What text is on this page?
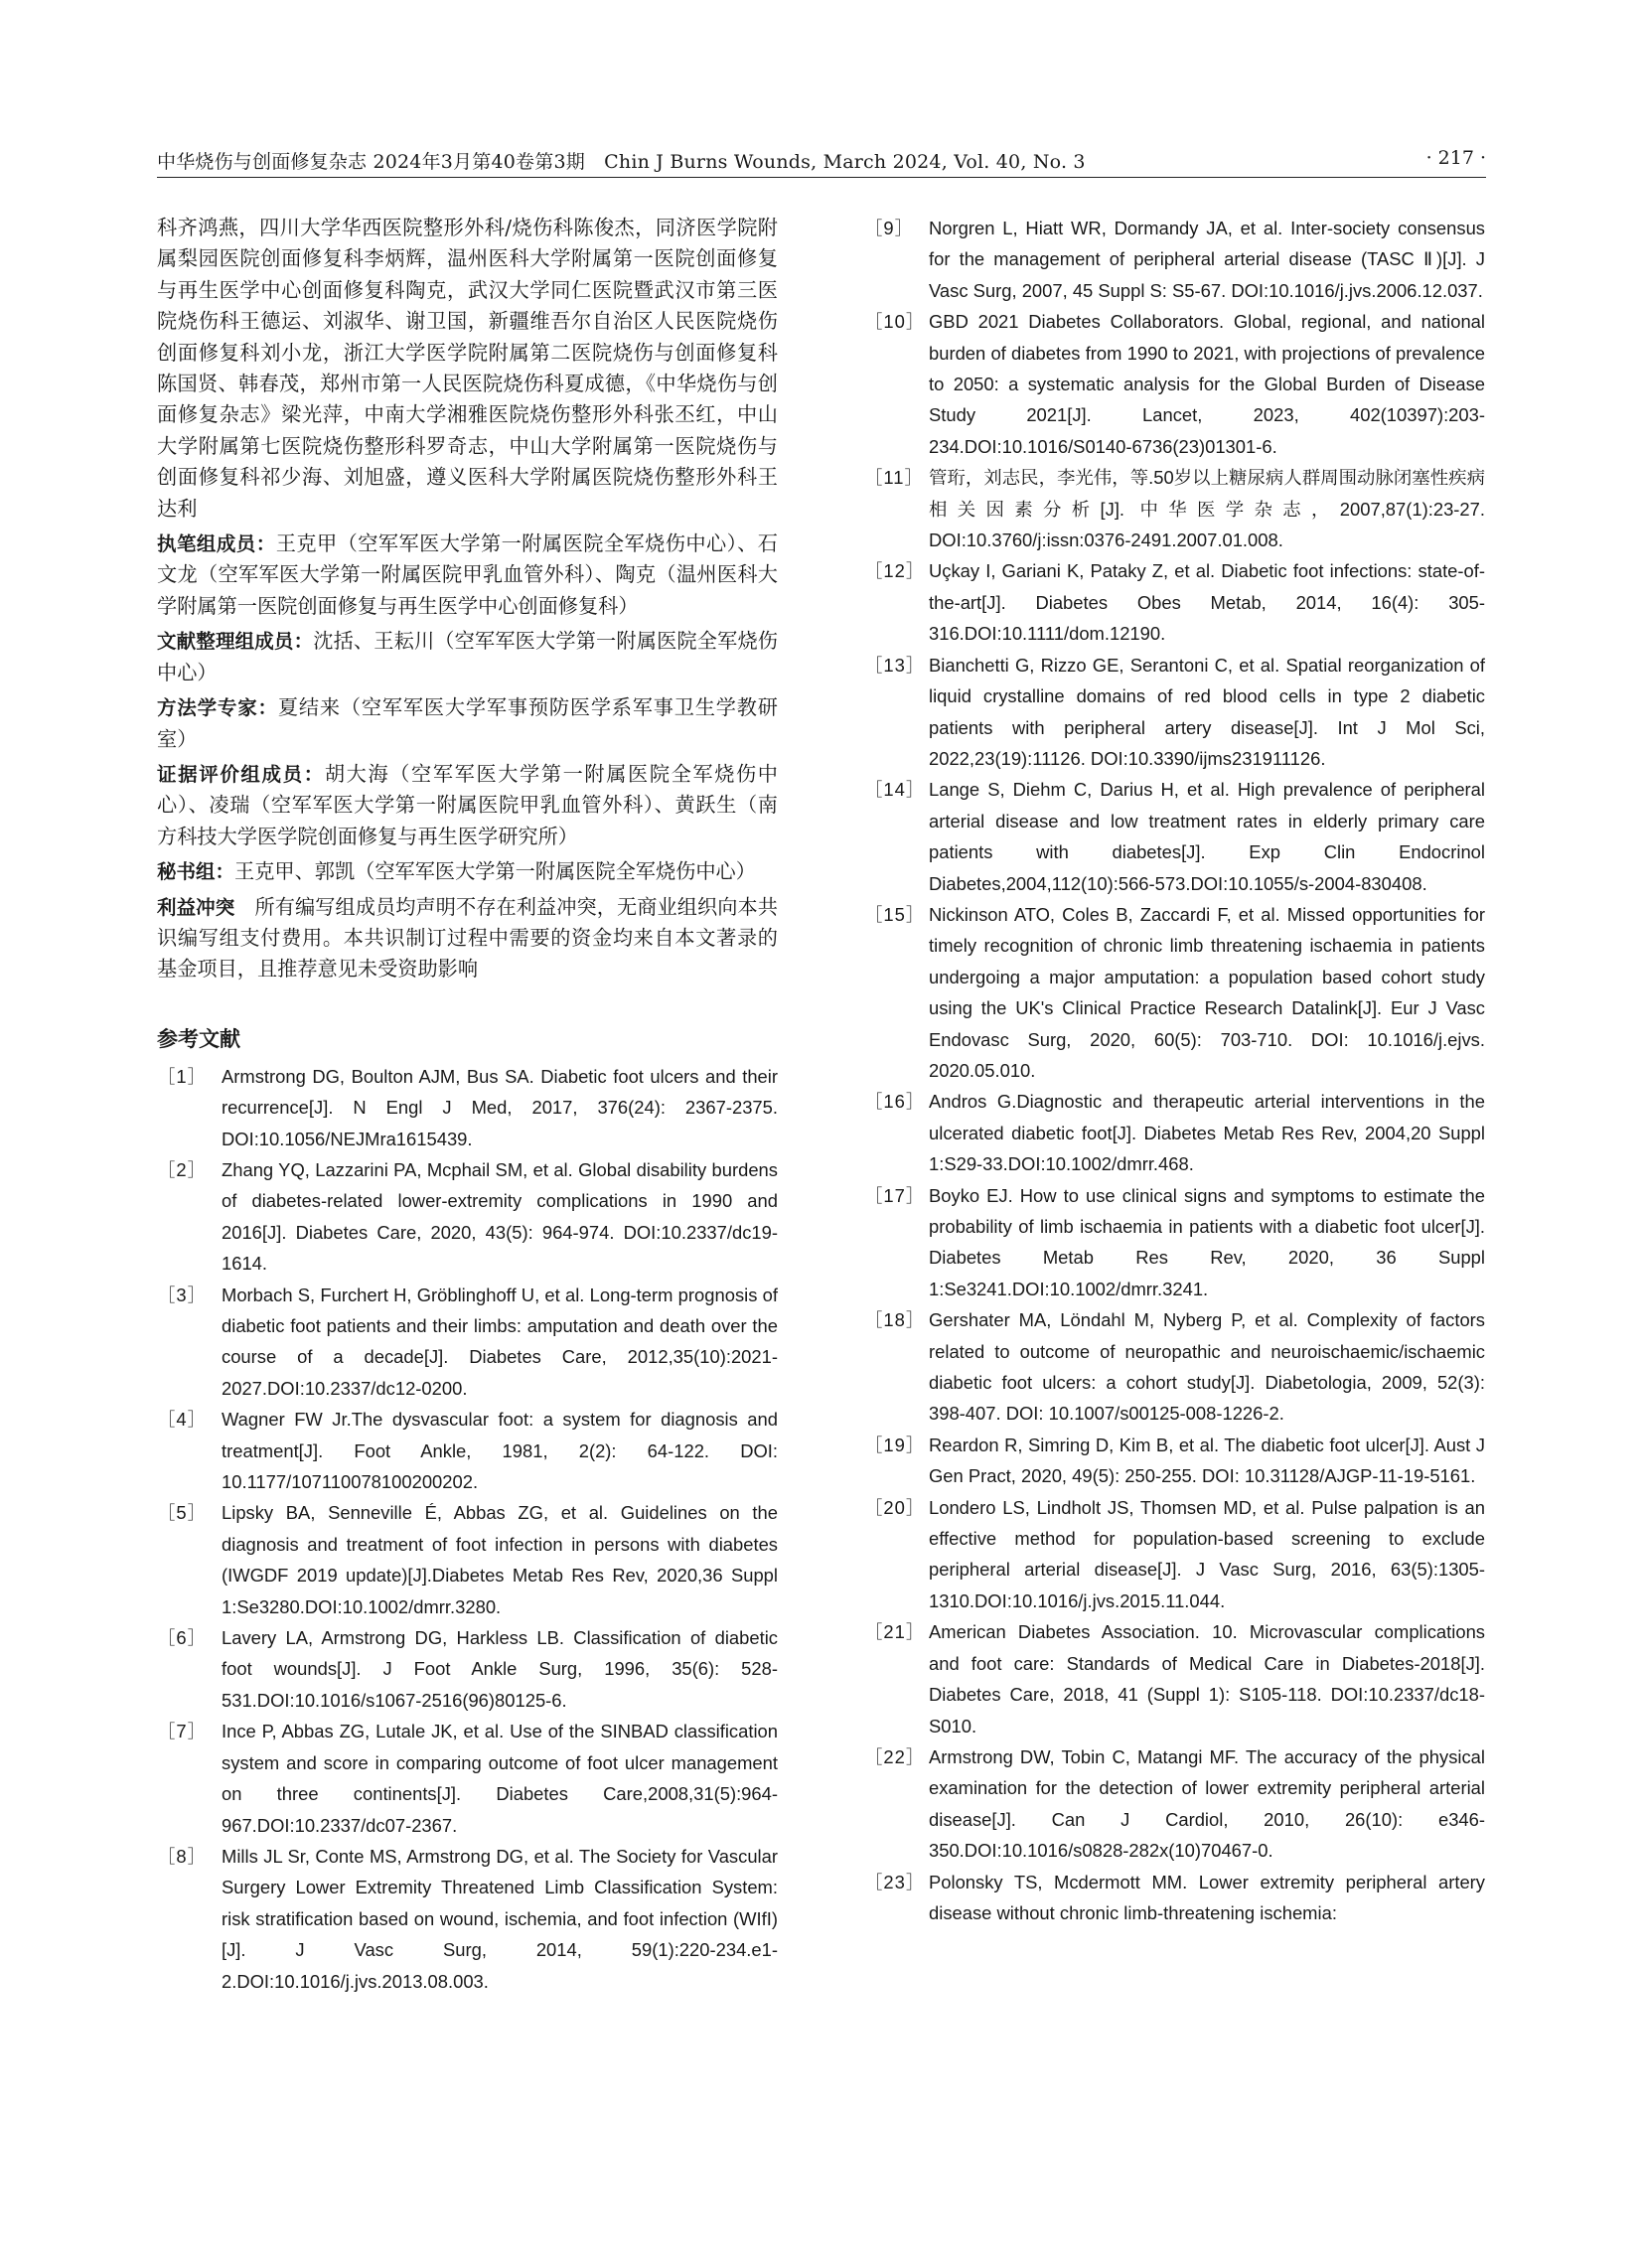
中华烧伤与创面修复杂志 2024年3月第40卷第3期　Chin J Burns Wounds, March 2024, Vol. 40, No. 3	· 217 ·

科齐鸿燕，四川大学华西医院整形外科/烧伤科陈俊杰，同济医学院附属梨园医院创面修复科李炳辉，温州医科大学附属第一医院创面修复与再生医学中心创面修复科陶克，武汉大学同仁医院暨武汉市第三医院烧伤科王德运、刘淑华、谢卫国，新疆维吾尔自治区人民医院烧伤创面修复科刘小龙，浙江大学医学院附属第二医院烧伤与创面修复科陈国贤、韩春茂，郑州市第一人民医院烧伤科夏成德，《中华烧伤与创面修复杂志》梁光萍，中南大学湘雅医院烧伤整形外科张丕红，中山大学附属第七医院烧伤整形科罗奇志，中山大学附属第一医院烧伤与创面修复科祁少海、刘旭盛，遵义医科大学附属医院烧伤整形外科王达利

执笔组成员：王克甲（空军军医大学第一附属医院全军烧伤中心）、石文龙（空军军医大学第一附属医院甲乳血管外科）、陶克（温州医科大学附属第一医院创面修复与再生医学中心创面修复科）

文献整理组成员：沈括、王耘川（空军军医大学第一附属医院全军烧伤中心）

方法学专家：夏结来（空军军医大学军事预防医学系军事卫生学教研室）

证据评价组成员：胡大海（空军军医大学第一附属医院全军烧伤中心）、凌瑞（空军军医大学第一附属医院甲乳血管外科）、黄跃生（南方科技大学医学院创面修复与再生医学研究所）

秘书组：王克甲、郭凯（空军军医大学第一附属医院全军烧伤中心）

利益冲突　所有编写组成员均声明不存在利益冲突，无商业组织向本共识编写组支付费用。本共识制订过程中需要的资金均来自本文著录的基金项目，且推荐意见未受资助影响

参考文献
［1］ Armstrong DG, Boulton AJM, Bus SA. Diabetic foot ulcers and their recurrence[J]. N Engl J Med, 2017, 376(24): 2367-2375. DOI:10.1056/NEJMra1615439.
［2］ Zhang YQ, Lazzarini PA, Mcphail SM, et al. Global disability burdens of diabetes-related lower-extremity complications in 1990 and 2016[J]. Diabetes Care, 2020, 43(5): 964-974. DOI:10.2337/dc19-1614.
［3］ Morbach S, Furchert H, Gröblinghoff U, et al. Long-term prognosis of diabetic foot patients and their limbs: amputation and death over the course of a decade[J]. Diabetes Care, 2012,35(10):2021-2027.DOI:10.2337/dc12-0200.
［4］ Wagner FW Jr.The dysvascular foot: a system for diagnosis and treatment[J]. Foot Ankle, 1981, 2(2): 64-122. DOI: 10.1177/107110078100200202.
［5］ Lipsky BA, Senneville É, Abbas ZG, et al. Guidelines on the diagnosis and treatment of foot infection in persons with diabetes (IWGDF 2019 update)[J].Diabetes Metab Res Rev, 2020,36 Suppl 1:Se3280.DOI:10.1002/dmrr.3280.
［6］ Lavery LA, Armstrong DG, Harkless LB. Classification of diabetic foot wounds[J]. J Foot Ankle Surg, 1996, 35(6): 528-531.DOI:10.1016/s1067-2516(96)80125-6.
［7］ Ince P, Abbas ZG, Lutale JK, et al. Use of the SINBAD classification system and score in comparing outcome of foot ulcer management on three continents[J]. Diabetes Care,2008,31(5):964-967.DOI:10.2337/dc07-2367.
［8］ Mills JL Sr, Conte MS, Armstrong DG, et al. The Society for Vascular Surgery Lower Extremity Threatened Limb Classification System: risk stratification based on wound, ischemia, and foot infection (WIfI) [J]. J Vasc Surg, 2014, 59(1):220-234.e1-2.DOI:10.1016/j.jvs.2013.08.003.
［9］ Norgren L, Hiatt WR, Dormandy JA, et al. Inter-society consensus for the management of peripheral arterial disease (TASC Ⅱ)[J]. J Vasc Surg, 2007, 45 Suppl S: S5-67. DOI:10.1016/j.jvs.2006.12.037.
［10］ GBD 2021 Diabetes Collaborators. Global, regional, and national burden of diabetes from 1990 to 2021, with projections of prevalence to 2050: a systematic analysis for the Global Burden of Disease Study 2021[J]. Lancet, 2023, 402(10397):203-234.DOI:10.1016/S0140-6736(23)01301-6.
［11］ 管珩，刘志民，李光伟，等.50岁以上糖尿病人群周围动脉闭塞性疾病相关因素分析[J]. 中华医学杂志，2007,87(1):23-27. DOI:10.3760/j:issn:0376-2491.2007.01.008.
［12］ Uçkay I, Gariani K, Pataky Z, et al. Diabetic foot infections: state-of-the-art[J]. Diabetes Obes Metab, 2014, 16(4): 305-316.DOI:10.1111/dom.12190.
［13］ Bianchetti G, Rizzo GE, Serantoni C, et al. Spatial reorganization of liquid crystalline domains of red blood cells in type 2 diabetic patients with peripheral artery disease[J]. Int J Mol Sci, 2022,23(19):11126. DOI:10.3390/ijms231911126.
［14］ Lange S, Diehm C, Darius H, et al. High prevalence of peripheral arterial disease and low treatment rates in elderly primary care patients with diabetes[J]. Exp Clin Endocrinol Diabetes,2004,112(10):566-573.DOI:10.1055/s-2004-830408.
［15］ Nickinson ATO, Coles B, Zaccardi F, et al. Missed opportunities for timely recognition of chronic limb threatening ischaemia in patients undergoing a major amputation: a population based cohort study using the UK's Clinical Practice Research Datalink[J]. Eur J Vasc Endovasc Surg, 2020, 60(5): 703-710. DOI: 10.1016/j.ejvs. 2020.05.010.
［16］ Andros G.Diagnostic and therapeutic arterial interventions in the ulcerated diabetic foot[J]. Diabetes Metab Res Rev, 2004,20 Suppl 1:S29-33.DOI:10.1002/dmrr.468.
［17］ Boyko EJ. How to use clinical signs and symptoms to estimate the probability of limb ischaemia in patients with a diabetic foot ulcer[J]. Diabetes Metab Res Rev, 2020, 36 Suppl 1:Se3241.DOI:10.1002/dmrr.3241.
［18］ Gershater MA, Löndahl M, Nyberg P, et al. Complexity of factors related to outcome of neuropathic and neuroischaemic/ischaemic diabetic foot ulcers: a cohort study[J]. Diabetologia, 2009, 52(3): 398-407. DOI: 10.1007/s00125-008-1226-2.
［19］ Reardon R, Simring D, Kim B, et al. The diabetic foot ulcer[J]. Aust J Gen Pract, 2020, 49(5): 250-255. DOI: 10.31128/AJGP-11-19-5161.
［20］ Londero LS, Lindholt JS, Thomsen MD, et al. Pulse palpation is an effective method for population-based screening to exclude peripheral arterial disease[J]. J Vasc Surg, 2016, 63(5):1305-1310.DOI:10.1016/j.jvs.2015.11.044.
［21］ American Diabetes Association. 10. Microvascular complications and foot care: Standards of Medical Care in Diabetes-2018[J]. Diabetes Care, 2018, 41 (Suppl 1): S105-118. DOI:10.2337/dc18-S010.
［22］ Armstrong DW, Tobin C, Matangi MF. The accuracy of the physical examination for the detection of lower extremity peripheral arterial disease[J]. Can J Cardiol, 2010, 26(10): e346-350.DOI:10.1016/s0828-282x(10)70467-0.
［23］ Polonsky TS, Mcdermott MM. Lower extremity peripheral artery disease without chronic limb-threatening ischemia:
